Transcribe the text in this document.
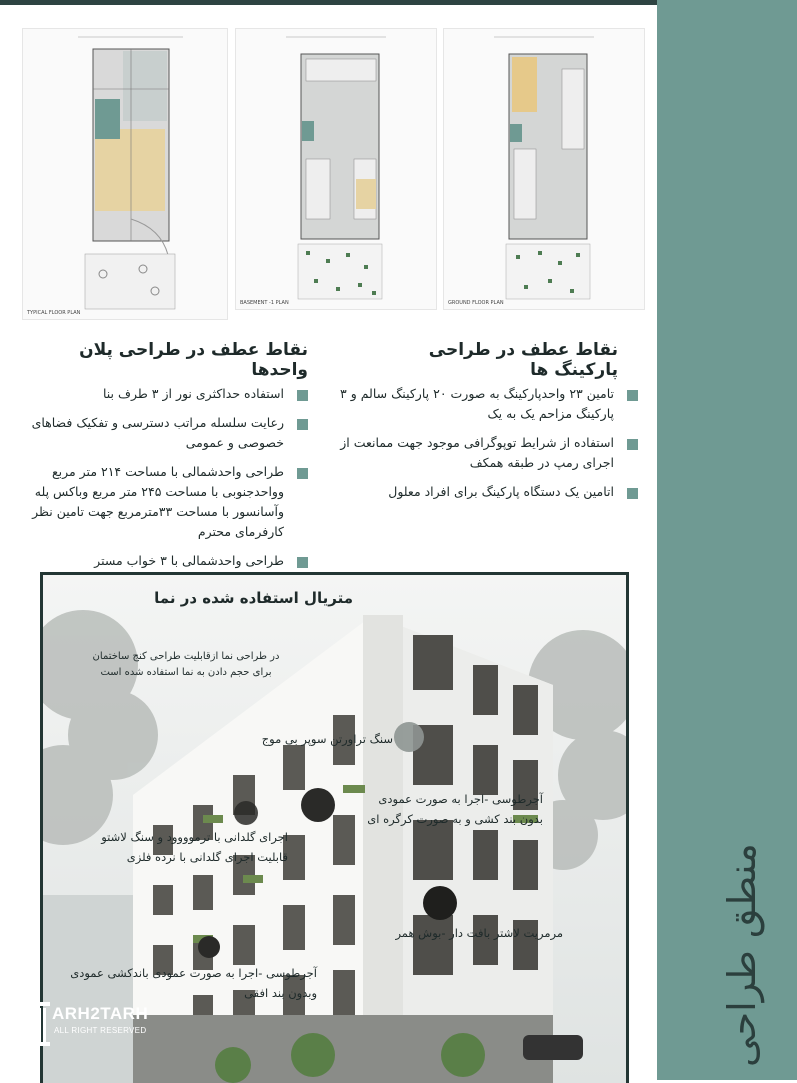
TYPICAL FLOOR PLAN
BASEMENT -1 PLAN	GROUND FLOOR PLAN
نقاط عطف در طراحی پارکینگ ها
نقاط عطف در طراحی پلان واحدها
تامین ۲۳ واحدپارکینگ به صورت ۲۰ پارکینگ سالم و ۳ پارکینگ مزاحم یک به یک
استفاده از شرایط توپوگرافی موجود جهت ممانعت از اجرای رمپ در طبقه همکف
اتامین یک دستگاه پارکینگ برای افراد معلول
استفاده حداکثری نور از ۳ طرف بنا
رعایت سلسله مراتب دسترسی و تفکیک فضاهای خصوصی و عمومی
طراحی واحدشمالی با مساحت ۲۱۴ متر مربع وواحدجنوبی با مساحت ۲۴۵ متر مربع وباکس پله وآسانسور با مساحت ۳۳مترمربع جهت تامین نظر کارفرمای محترم
طراحی واحدشمالی با ۳ خواب مستر
متریال استفاده شده در نما
در طراحی نما ازقابلیت طراحی کنج ساختمان برای حجم دادن به نما استفاده شده است
سنگ تراورتن سوپر بی موج
آجرطوسی -اجرا به صورت عمودی بدون بند کشی و به صورت کرگره ای
اجرای گلدانی با ترموووود و سنگ لاشتو قابلیت اجرای گلدانی با نرده فلزی
مرمریت لاشتر بافت دار -بوش همر
آجرطوسی -اجرا به صورت عمودی باندکشی عمودی وبدون بند افقی
ARH2TARH
ALL RIGHT RESERVED	منطق طراحی
